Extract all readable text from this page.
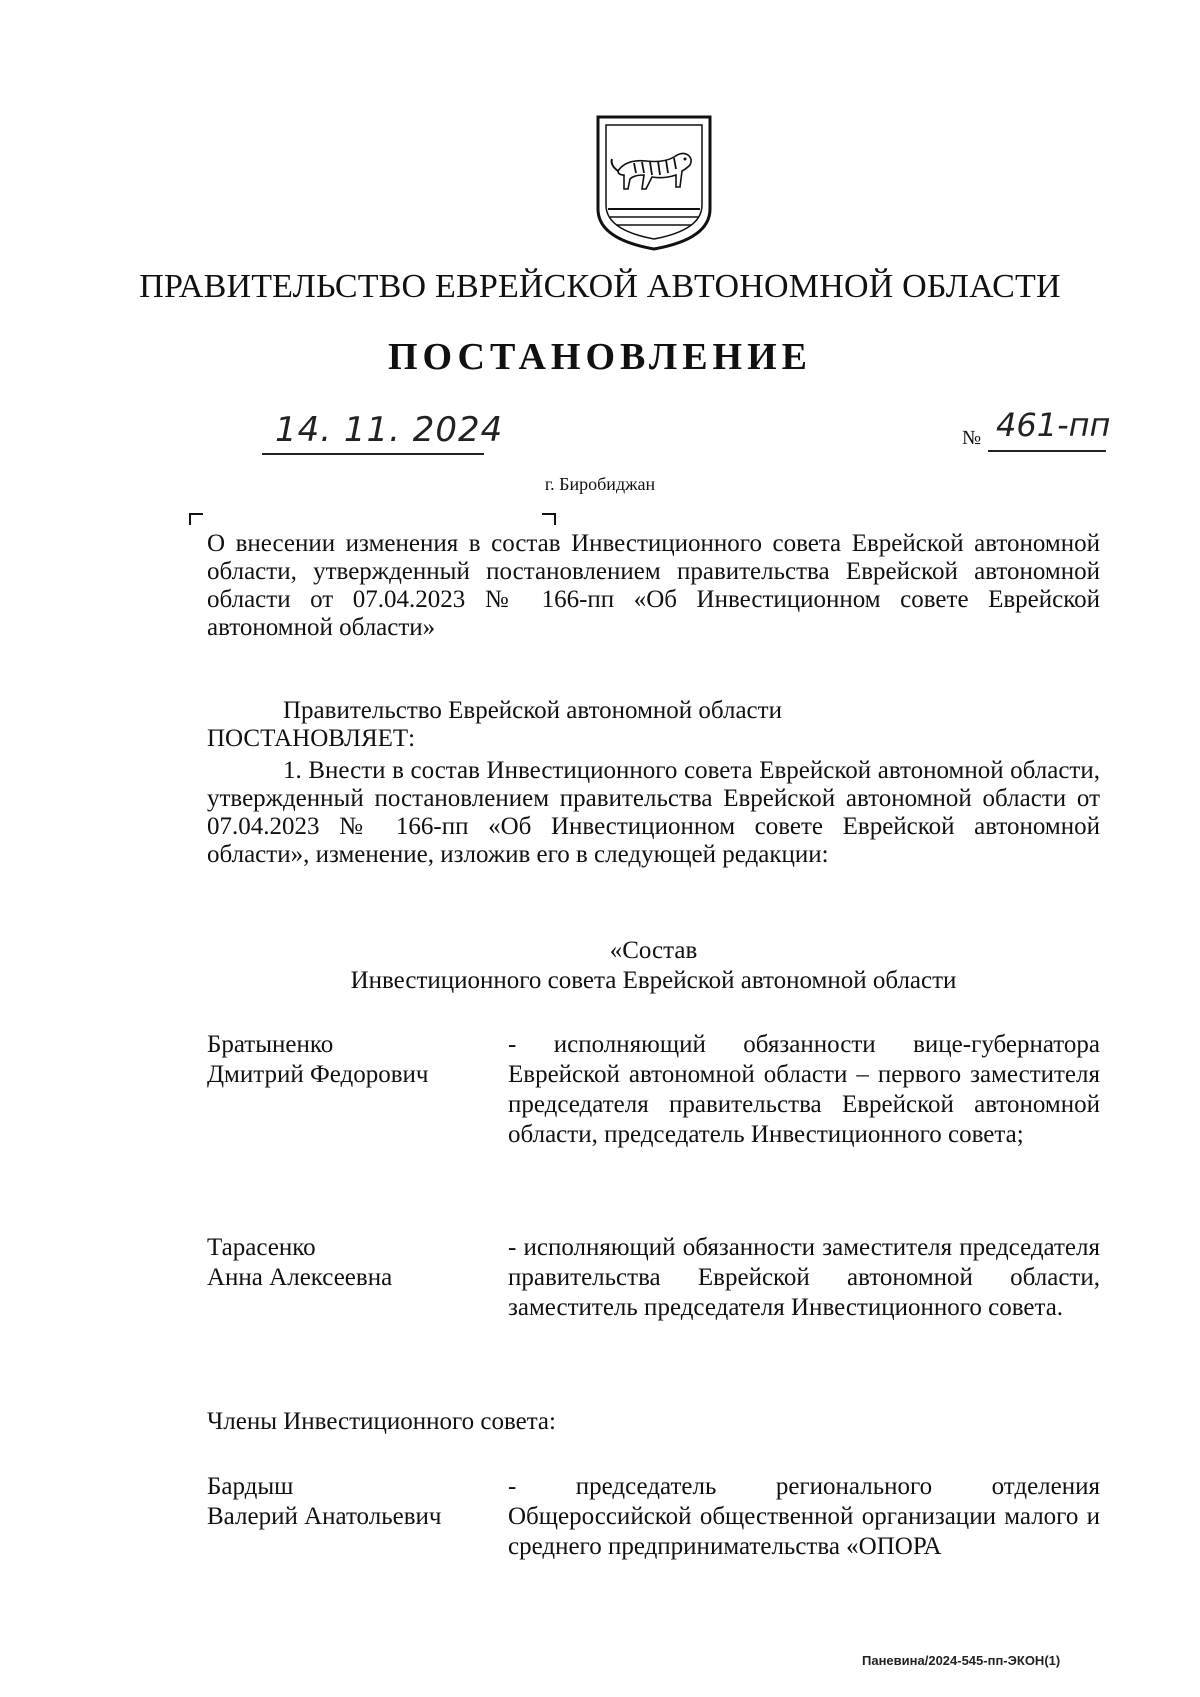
ПРАВИТЕЛЬСТВО ЕВРЕЙСКОЙ АВТОНОМНОЙ ОБЛАСТИ
ПОСТАНОВЛЕНИЕ
14. 11. 2024	№ 461-пп
г. Биробиджан
О внесении изменения в состав Инвестиционного совета Еврейской автономной области, утвержденный постановлением правительства Еврейской автономной области от 07.04.2023 № 166-пп «Об Инвестиционном совете Еврейской автономной области»
Правительство Еврейской автономной области
ПОСТАНОВЛЯЕТ:
1. Внести в состав Инвестиционного совета Еврейской автономной области, утвержденный постановлением правительства Еврейской автономной области от 07.04.2023 № 166-пп «Об Инвестиционном совете Еврейской автономной области», изменение, изложив его в следующей редакции:
«Состав
Инвестиционного совета Еврейской автономной области
Братыненко
Дмитрий Федорович
- исполняющий обязанности вице-губернатора Еврейской автономной области – первого заместителя председателя правительства Еврейской автономной области, председатель Инвестиционного совета;
Тарасенко
Анна Алексеевна
- исполняющий обязанности заместителя председателя правительства Еврейской автономной области, заместитель председателя Инвестиционного совета.
Члены Инвестиционного совета:
Бардыш
Валерий Анатольевич
- председатель регионального отделения Общероссийской общественной организации малого и среднего предпринимательства «ОПОРА
Паневина/2024-545-пп-ЭКОН(1)
